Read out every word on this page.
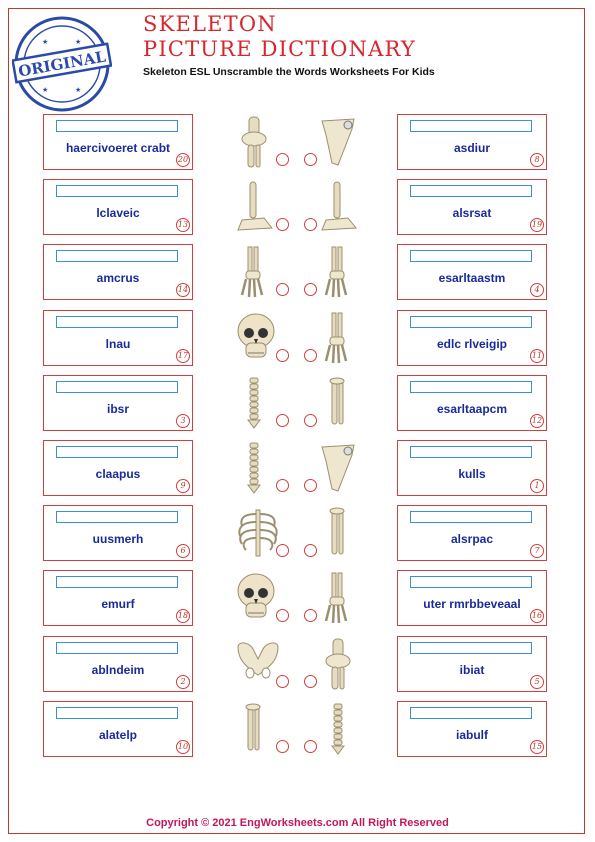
ORIGINAL
★	★
★	★
SKELETON
PICTURE DICTIONARY
Skeleton ESL Unscramble the Words Worksheets For Kids
haercivoeret crabt
20
asdiur
8
lclaveic
13
alsrsat
19
amcrus
14
esarltaastm
4
lnau
17
edlc rlveigip
11
ibsr
3
esarltaapcm
12
claapus
9
kulls
1
uusmerh
6
alsrpac
7
emurf
18
uter rmrbbeveaal
16
ablndeim
2
ibiat
5
alatelp
10
iabulf
15
Copyright © 2021 EngWorksheets.com All Right Reserved
